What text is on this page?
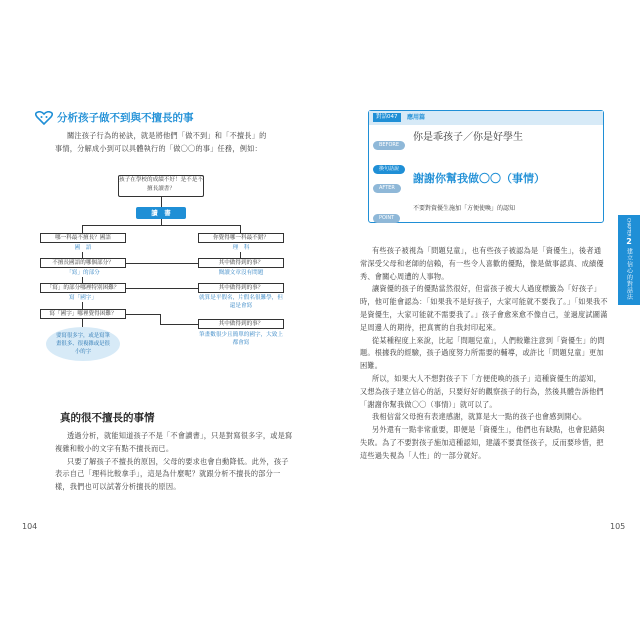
分析孩子做不到與不擅長的事
關注孩子行為的祕訣，就是將他們「做不到」和「不擅長」的
事情，分解成小到可以具體執行的「做〇〇的事」任務，例如：
孩子在學校的成績不好！是不是不擅長讀書？
讀　書
哪一科最不擅長？國語	你覺得哪一科最不錯？
國　語	理　科
不擅長國語的哪個部分？	其中做得到的事？
「寫」的部分	閱讀文章沒有問題
「寫」的部分哪裡特別困難？	其中做得到的事？
寫「國字」	就算是平假名，片假名很難學，但還是會寫
寫「國字」哪裡覺得困難？
其中做得到的事？
筆畫數很少且簡單的國字，大致上都會寫
要寫很多字，或是寫筆畫很多、很複雜或是很小的字
真的很不擅長的事情

透過分析，就能知道孩子不是「不會讀書」，只是對寫很多字，或是寫複雜和較小的文字有點不擅長而已。

只要了解孩子不擅長的原因，父母的要求也會自動降低。此外，孩子表示自己「理科比較拿手」，這是為什麼呢？就跟分析不擅長的部分一樣，我們也可以試著分析擅長的原因。

104
對話047	應用篇
BEFORE
你是乖孩子／你是好學生
換句話說
AFTER
謝謝你幫我做〇〇（事情）
POINT
不要對資優生施加「方便使喚」的認知

有些孩子被視為「問題兒童」，也有些孩子被認為是「資優生」，後者通常深受父母和老師的信賴，有一些令人喜歡的優點，像是做事認真、成績優秀、會關心周遭的人事物。

讓資優的孩子的優點當然很好，但當孩子被大人過度標籤為「好孩子」時，他可能會認為：「如果我不是好孩子，大家可能就不要我了。」「如果我不是資優生，大家可能就不需要我了。」孩子會愈來愈不像自己，並過度試圖滿足周邊人的期待，把真實的自我封印起來。

從某種程度上來說，比起「問題兒童」，人們較難注意到「資優生」的問題。根據我的經驗，孩子過度努力所需要的輔導，或許比「問題兒童」更加困難。

所以，如果大人不想對孩子下「方便使喚的孩子」這種資優生的認知，又想為孩子建立信心的話，只要好好的觀察孩子的行為，然後具體告訴他們「謝謝你幫我做〇〇（事情）」就可以了。

我相信當父母抱有表達感謝，就算是大一點的孩子也會感到開心。

另外還有一點非常重要，即便是「資優生」，他們也有缺點，也會犯錯與失敗。為了不要對孩子施加這種認知，建議不要責怪孩子，反而要珍惜，把這些過失視為「人性」的一部分就好。

CHAPTER
2
建立信心的對話法
105
